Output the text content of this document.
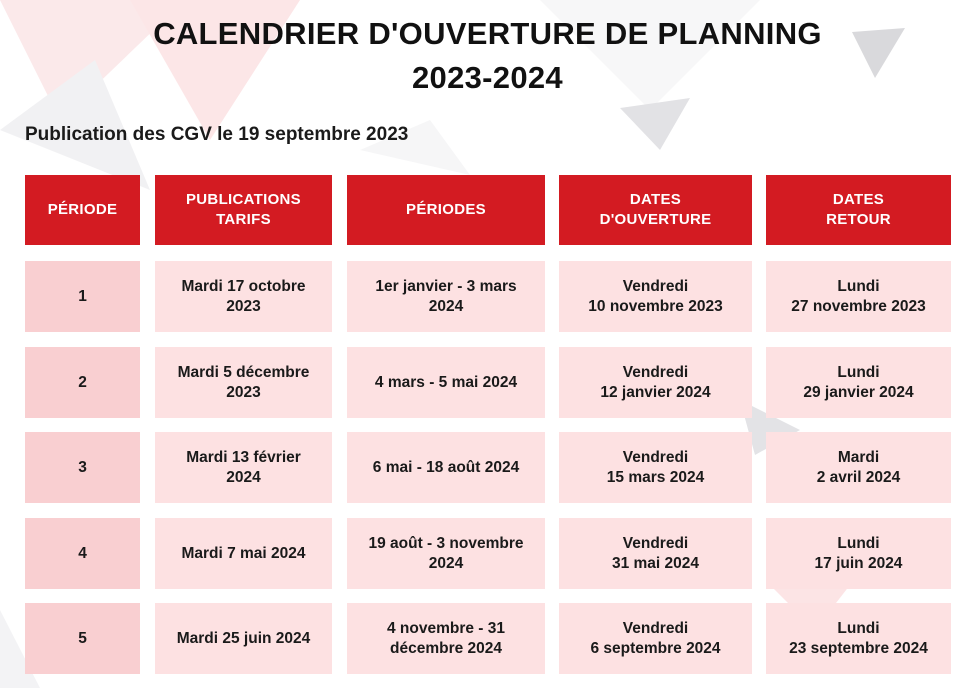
CALENDRIER D'OUVERTURE DE PLANNING
2023-2024

Publication des CGV le 19 septembre 2023

PÉRIODE
PUBLICATIONS
TARIFS
PÉRIODES
DATES
D'OUVERTURE
DATES
RETOUR
1
Mardi 17 octobre
2023
1er janvier - 3 mars
2024
Vendredi
10 novembre 2023
Lundi
27 novembre 2023
2
Mardi 5 décembre
2023
4 mars - 5 mai 2024
Vendredi
12 janvier 2024
Lundi
29 janvier 2024
3
Mardi 13 février
2024
6 mai - 18 août 2024
Vendredi
15 mars 2024
Mardi
2 avril 2024
4	Mardi 7 mai 2024
19 août - 3 novembre
2024
Vendredi
31 mai 2024
Lundi
17 juin 2024
5	Mardi 25 juin 2024
4 novembre - 31
décembre 2024
Vendredi
6 septembre 2024
Lundi
23 septembre 2024
